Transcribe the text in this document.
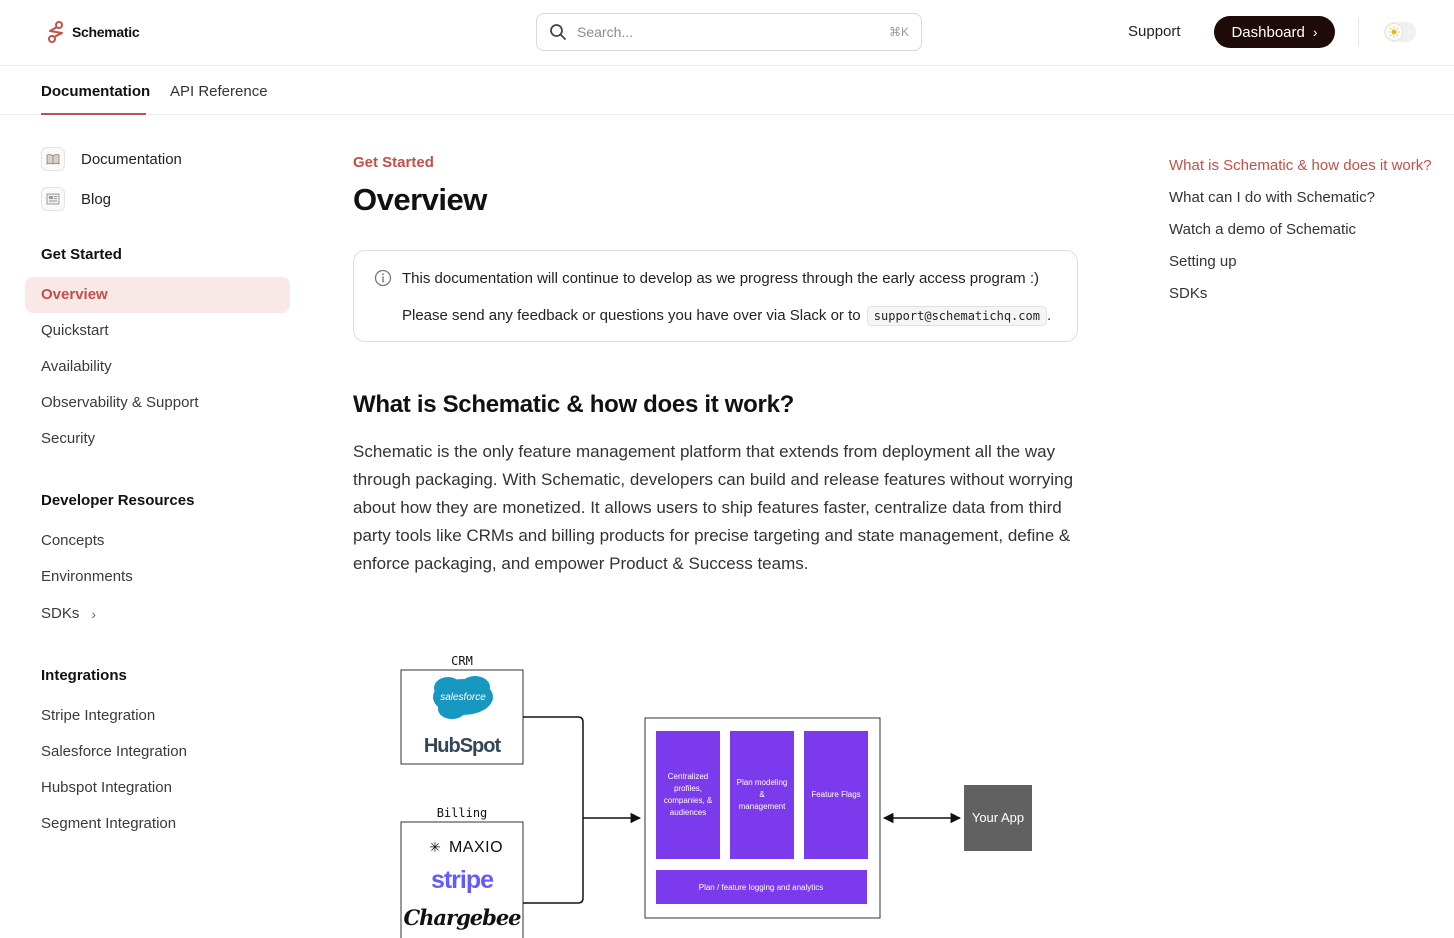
Schematic	Search...	⌘K	Support	Dashboard ›
Documentation API Reference
Documentation
Blog
Get Started
Overview
Quickstart
Availability
Observability & Support
Security
Developer Resources
Concepts
Environments
SDKs ›
Integrations
Stripe Integration
Salesforce Integration
Hubspot Integration
Segment Integration
Get Started
Overview
This documentation will continue to develop as we progress through the early access program :)
Please send any feedback or questions you have over via Slack or to support@schematichq.com .
What is Schematic & how does it work?

Schematic is the only feature management platform that extends from deployment all the way through packaging. With Schematic, developers can build and release features without worrying about how they are monetized. It allows users to ship features faster, centralize data from third party tools like CRMs and billing products for precise targeting and state management, define & enforce packaging, and empower Product & Success teams.

CRM
salesforce
HubSpot
Billing
✳ MAXIO
stripe
Chargebee
Centralized profiles, companies, & audiences
Plan modeling & management
Feature Flags
Plan / feature logging and analytics
Your App
What is Schematic & how does it work?
What can I do with Schematic?
Watch a demo of Schematic
Setting up
SDKs
